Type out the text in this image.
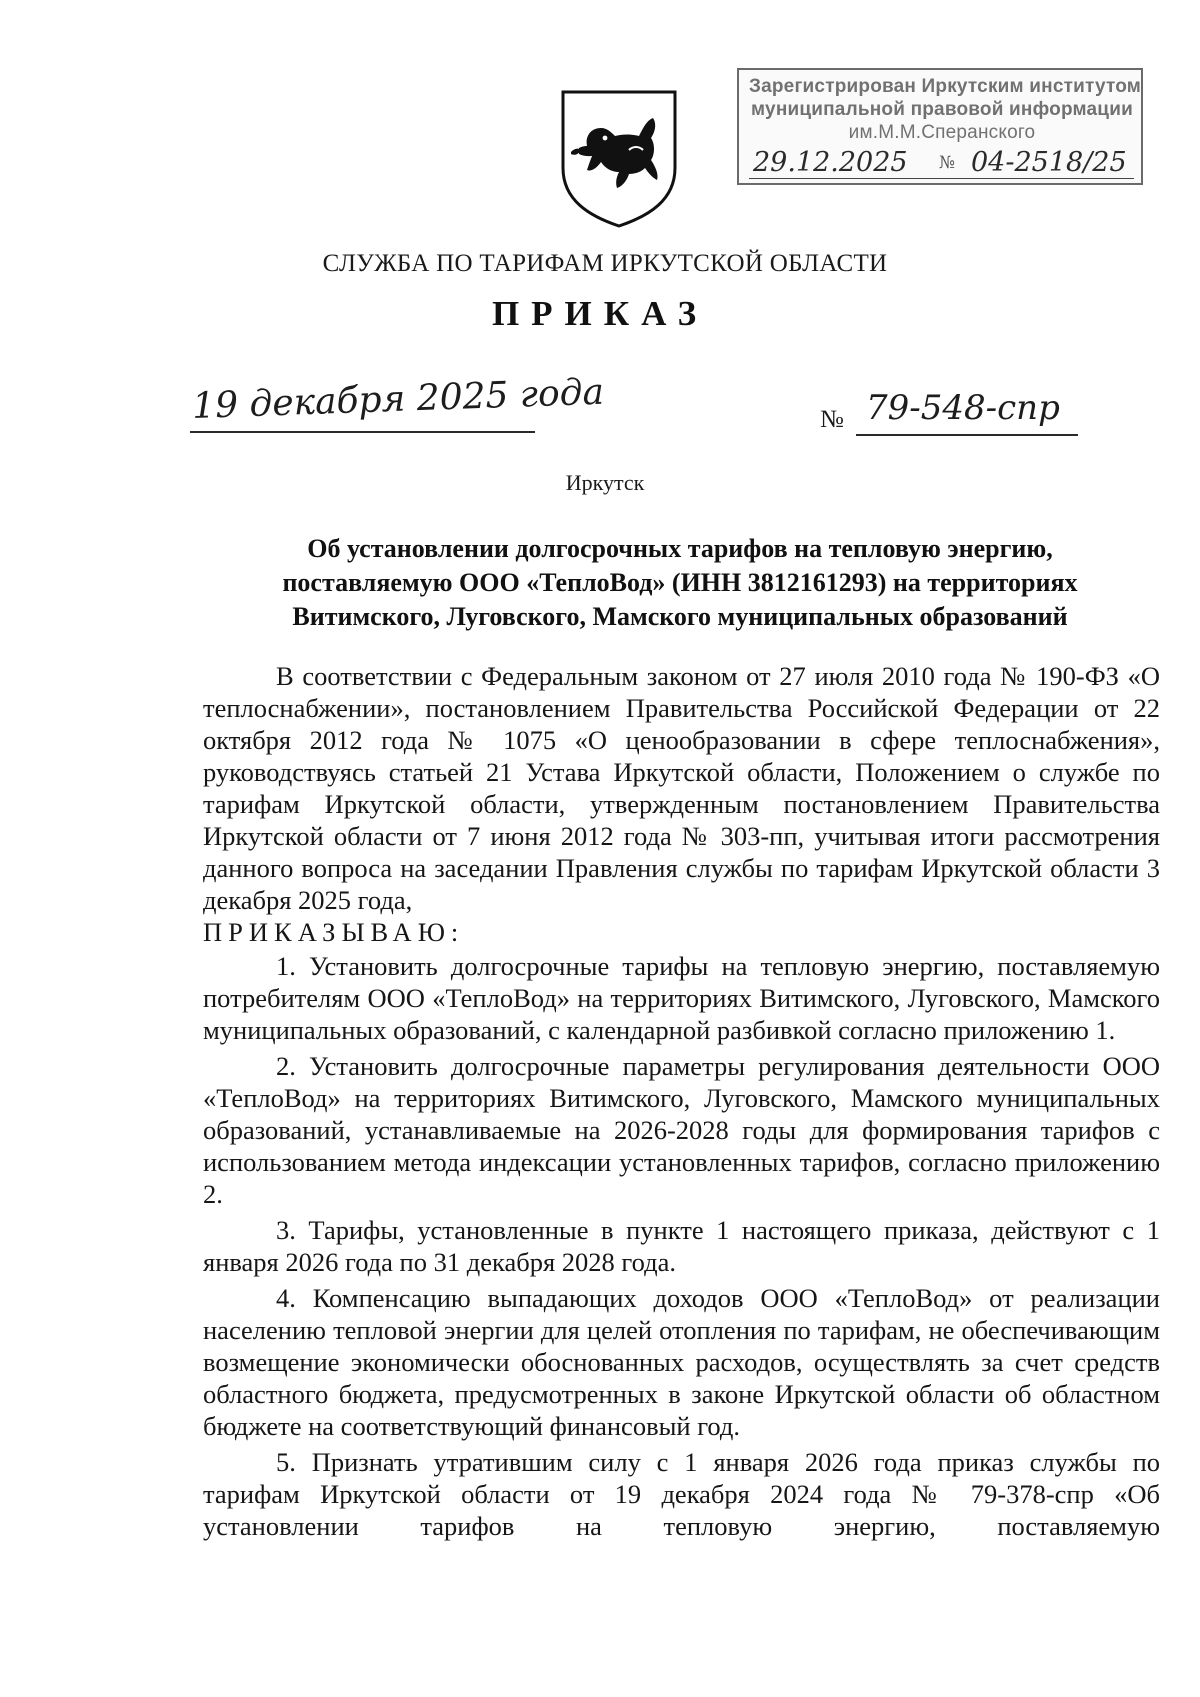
Зарегистрирован Иркутским институтом
муниципальной правовой информации
им.М.М.Сперанского
29.12.2025 № 04-2518/25
СЛУЖБА ПО ТАРИФАМ ИРКУТСКОЙ ОБЛАСТИ
ПРИКАЗ
19 декабря 2025 года	№ 79-548-спр
Иркутск
Об установлении долгосрочных тарифов на тепловую энергию,
поставляемую ООО «ТеплоВод» (ИНН 3812161293) на территориях
Витимского, Луговского, Мамского муниципальных образований

В соответствии с Федеральным законом от 27 июля 2010 года № 190-ФЗ «О теплоснабжении», постановлением Правительства Российской Федерации от 22 октября 2012 года № 1075 «О ценообразовании в сфере теплоснабжения», руководствуясь статьей 21 Устава Иркутской области, Положением о службе по тарифам Иркутской области, утвержденным постановлением Правительства Иркутской области от 7 июня 2012 года № 303-пп, учитывая итоги рассмотрения данного вопроса на заседании Правления службы по тарифам Иркутской области 3 декабря 2025 года,

ПРИКАЗЫВАЮ:

1. Установить долгосрочные тарифы на тепловую энергию, поставляемую потребителям ООО «ТеплоВод» на территориях Витимского, Луговского, Мамского муниципальных образований, с календарной разбивкой согласно приложению 1.

2. Установить долгосрочные параметры регулирования деятельности ООО «ТеплоВод» на территориях Витимского, Луговского, Мамского муниципальных образований, устанавливаемые на 2026-2028 годы для формирования тарифов с использованием метода индексации установленных тарифов, согласно приложению 2.

3. Тарифы, установленные в пункте 1 настоящего приказа, действуют с 1 января 2026 года по 31 декабря 2028 года.

4. Компенсацию выпадающих доходов ООО «ТеплоВод» от реализации населению тепловой энергии для целей отопления по тарифам, не обеспечивающим возмещение экономически обоснованных расходов, осуществлять за счет средств областного бюджета, предусмотренных в законе Иркутской области об областном бюджете на соответствующий финансовый год.

5. Признать утратившим силу с 1 января 2026 года приказ службы по тарифам Иркутской области от 19 декабря 2024 года № 79-378-спр «Об установлении тарифов на тепловую энергию, поставляемую
